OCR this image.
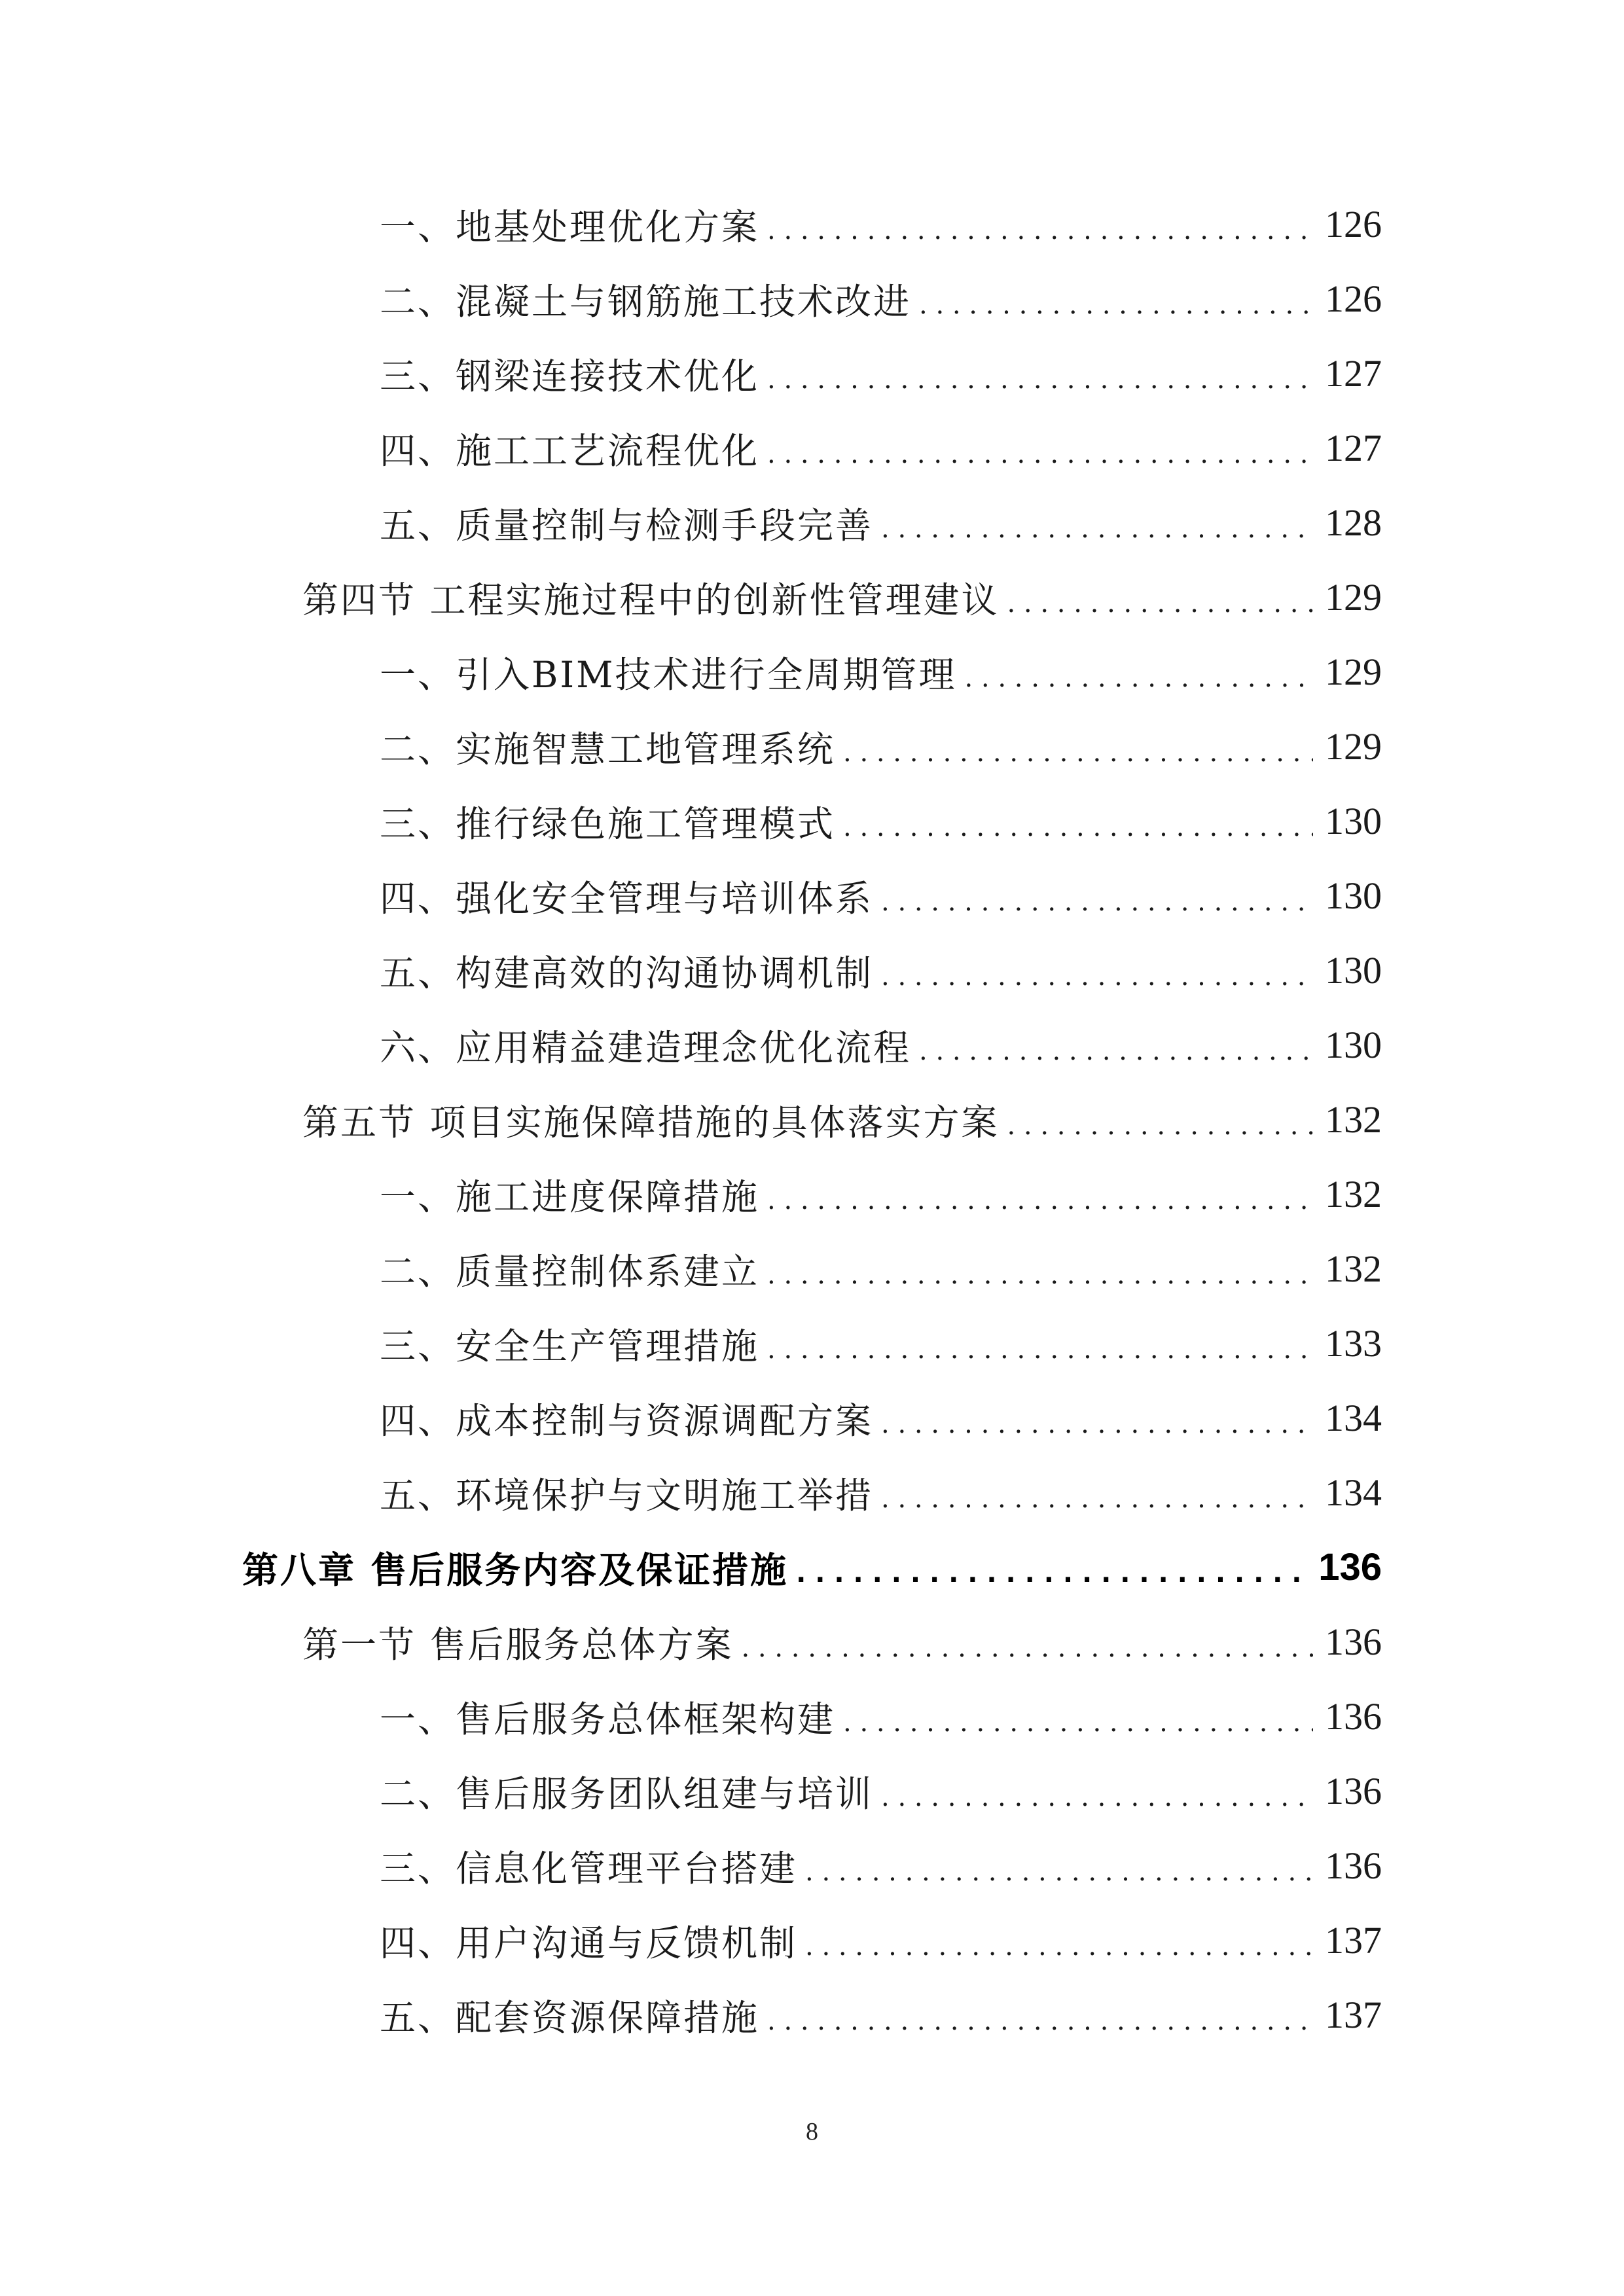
一、地基处理优化方案 . . .	126
二、混凝土与钢筋施工技术改进 . . .	126
三、钢梁连接技术优化 . . .	127
四、施工工艺流程优化 . . .	127
五、质量控制与检测手段完善 . . .	128
第四节 工程实施过程中的创新性管理建议 . . .	129
一、引入BIM技术进行全周期管理 . . .	129
二、实施智慧工地管理系统 . . .	129
三、推行绿色施工管理模式 . . .	130
四、强化安全管理与培训体系 . . .	130
五、构建高效的沟通协调机制 . . .	130
六、应用精益建造理念优化流程 . . .	130
第五节 项目实施保障措施的具体落实方案 . . .	132
一、施工进度保障措施 . . .	132
二、质量控制体系建立 . . .	132
三、安全生产管理措施 . . .	133
四、成本控制与资源调配方案 . . .	134
五、环境保护与文明施工举措 . . .	134
第八章 售后服务内容及保证措施 . . .	136
第一节 售后服务总体方案 . . .	136
一、售后服务总体框架构建 . . .	136
二、售后服务团队组建与培训 . . .	136
三、信息化管理平台搭建 . . .	136
四、用户沟通与反馈机制 . . .	137
五、配套资源保障措施 . . .	137
8
